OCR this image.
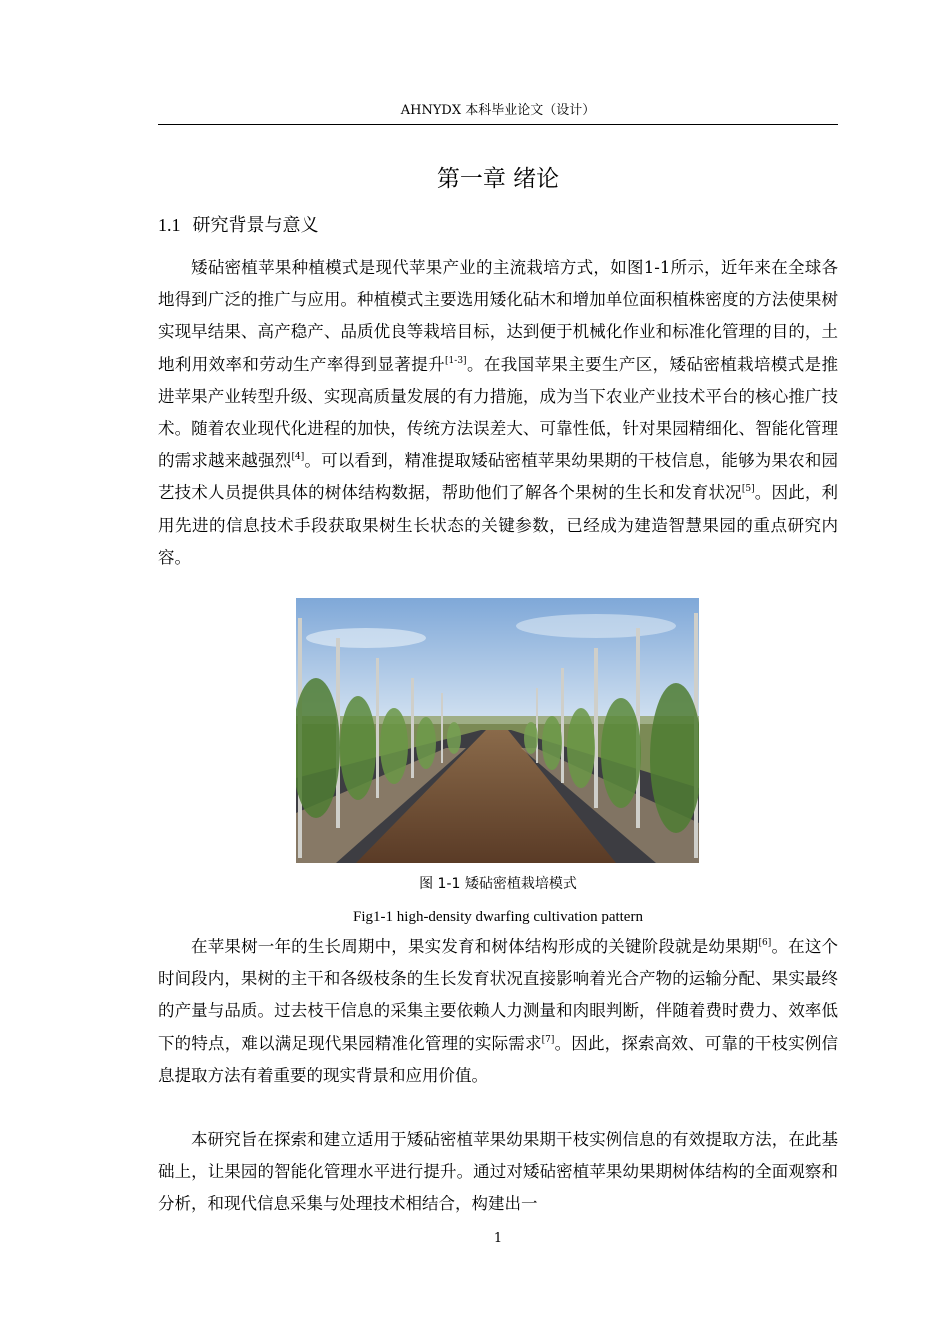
AHNYDX 本科毕业论文（设计）
第一章 绪论
1.1 研究背景与意义

矮砧密植苹果种植模式是现代苹果产业的主流栽培方式，如图1-1所示，近年来在全球各地得到广泛的推广与应用。种植模式主要选用矮化砧木和增加单位面积植株密度的方法使果树实现早结果、高产稳产、品质优良等栽培目标，达到便于机械化作业和标准化管理的目的，土地利用效率和劳动生产率得到显著提升[1-3]。在我国苹果主要生产区，矮砧密植栽培模式是推进苹果产业转型升级、实现高质量发展的有力措施，成为当下农业产业技术平台的核心推广技术。随着农业现代化进程的加快，传统方法误差大、可靠性低，针对果园精细化、智能化管理的需求越来越强烈[4]。可以看到，精准提取矮砧密植苹果幼果期的干枝信息，能够为果农和园艺技术人员提供具体的树体结构数据，帮助他们了解各个果树的生长和发育状况[5]。因此，利用先进的信息技术手段获取果树生长状态的关键参数，已经成为建造智慧果园的重点研究内容。

图 1-1 矮砧密植栽培模式
Fig1-1 high-density dwarfing cultivation pattern

在苹果树一年的生长周期中，果实发育和树体结构形成的关键阶段就是幼果期[6]。在这个时间段内，果树的主干和各级枝条的生长发育状况直接影响着光合产物的运输分配、果实最终的产量与品质。过去枝干信息的采集主要依赖人力测量和肉眼判断，伴随着费时费力、效率低下的特点，难以满足现代果园精准化管理的实际需求[7]。因此，探索高效、可靠的干枝实例信息提取方法有着重要的现实背景和应用价值。

本研究旨在探索和建立适用于矮砧密植苹果幼果期干枝实例信息的有效提取方法，在此基础上，让果园的智能化管理水平进行提升。通过对矮砧密植苹果幼果期树体结构的全面观察和分析，和现代信息采集与处理技术相结合，构建出一

1
